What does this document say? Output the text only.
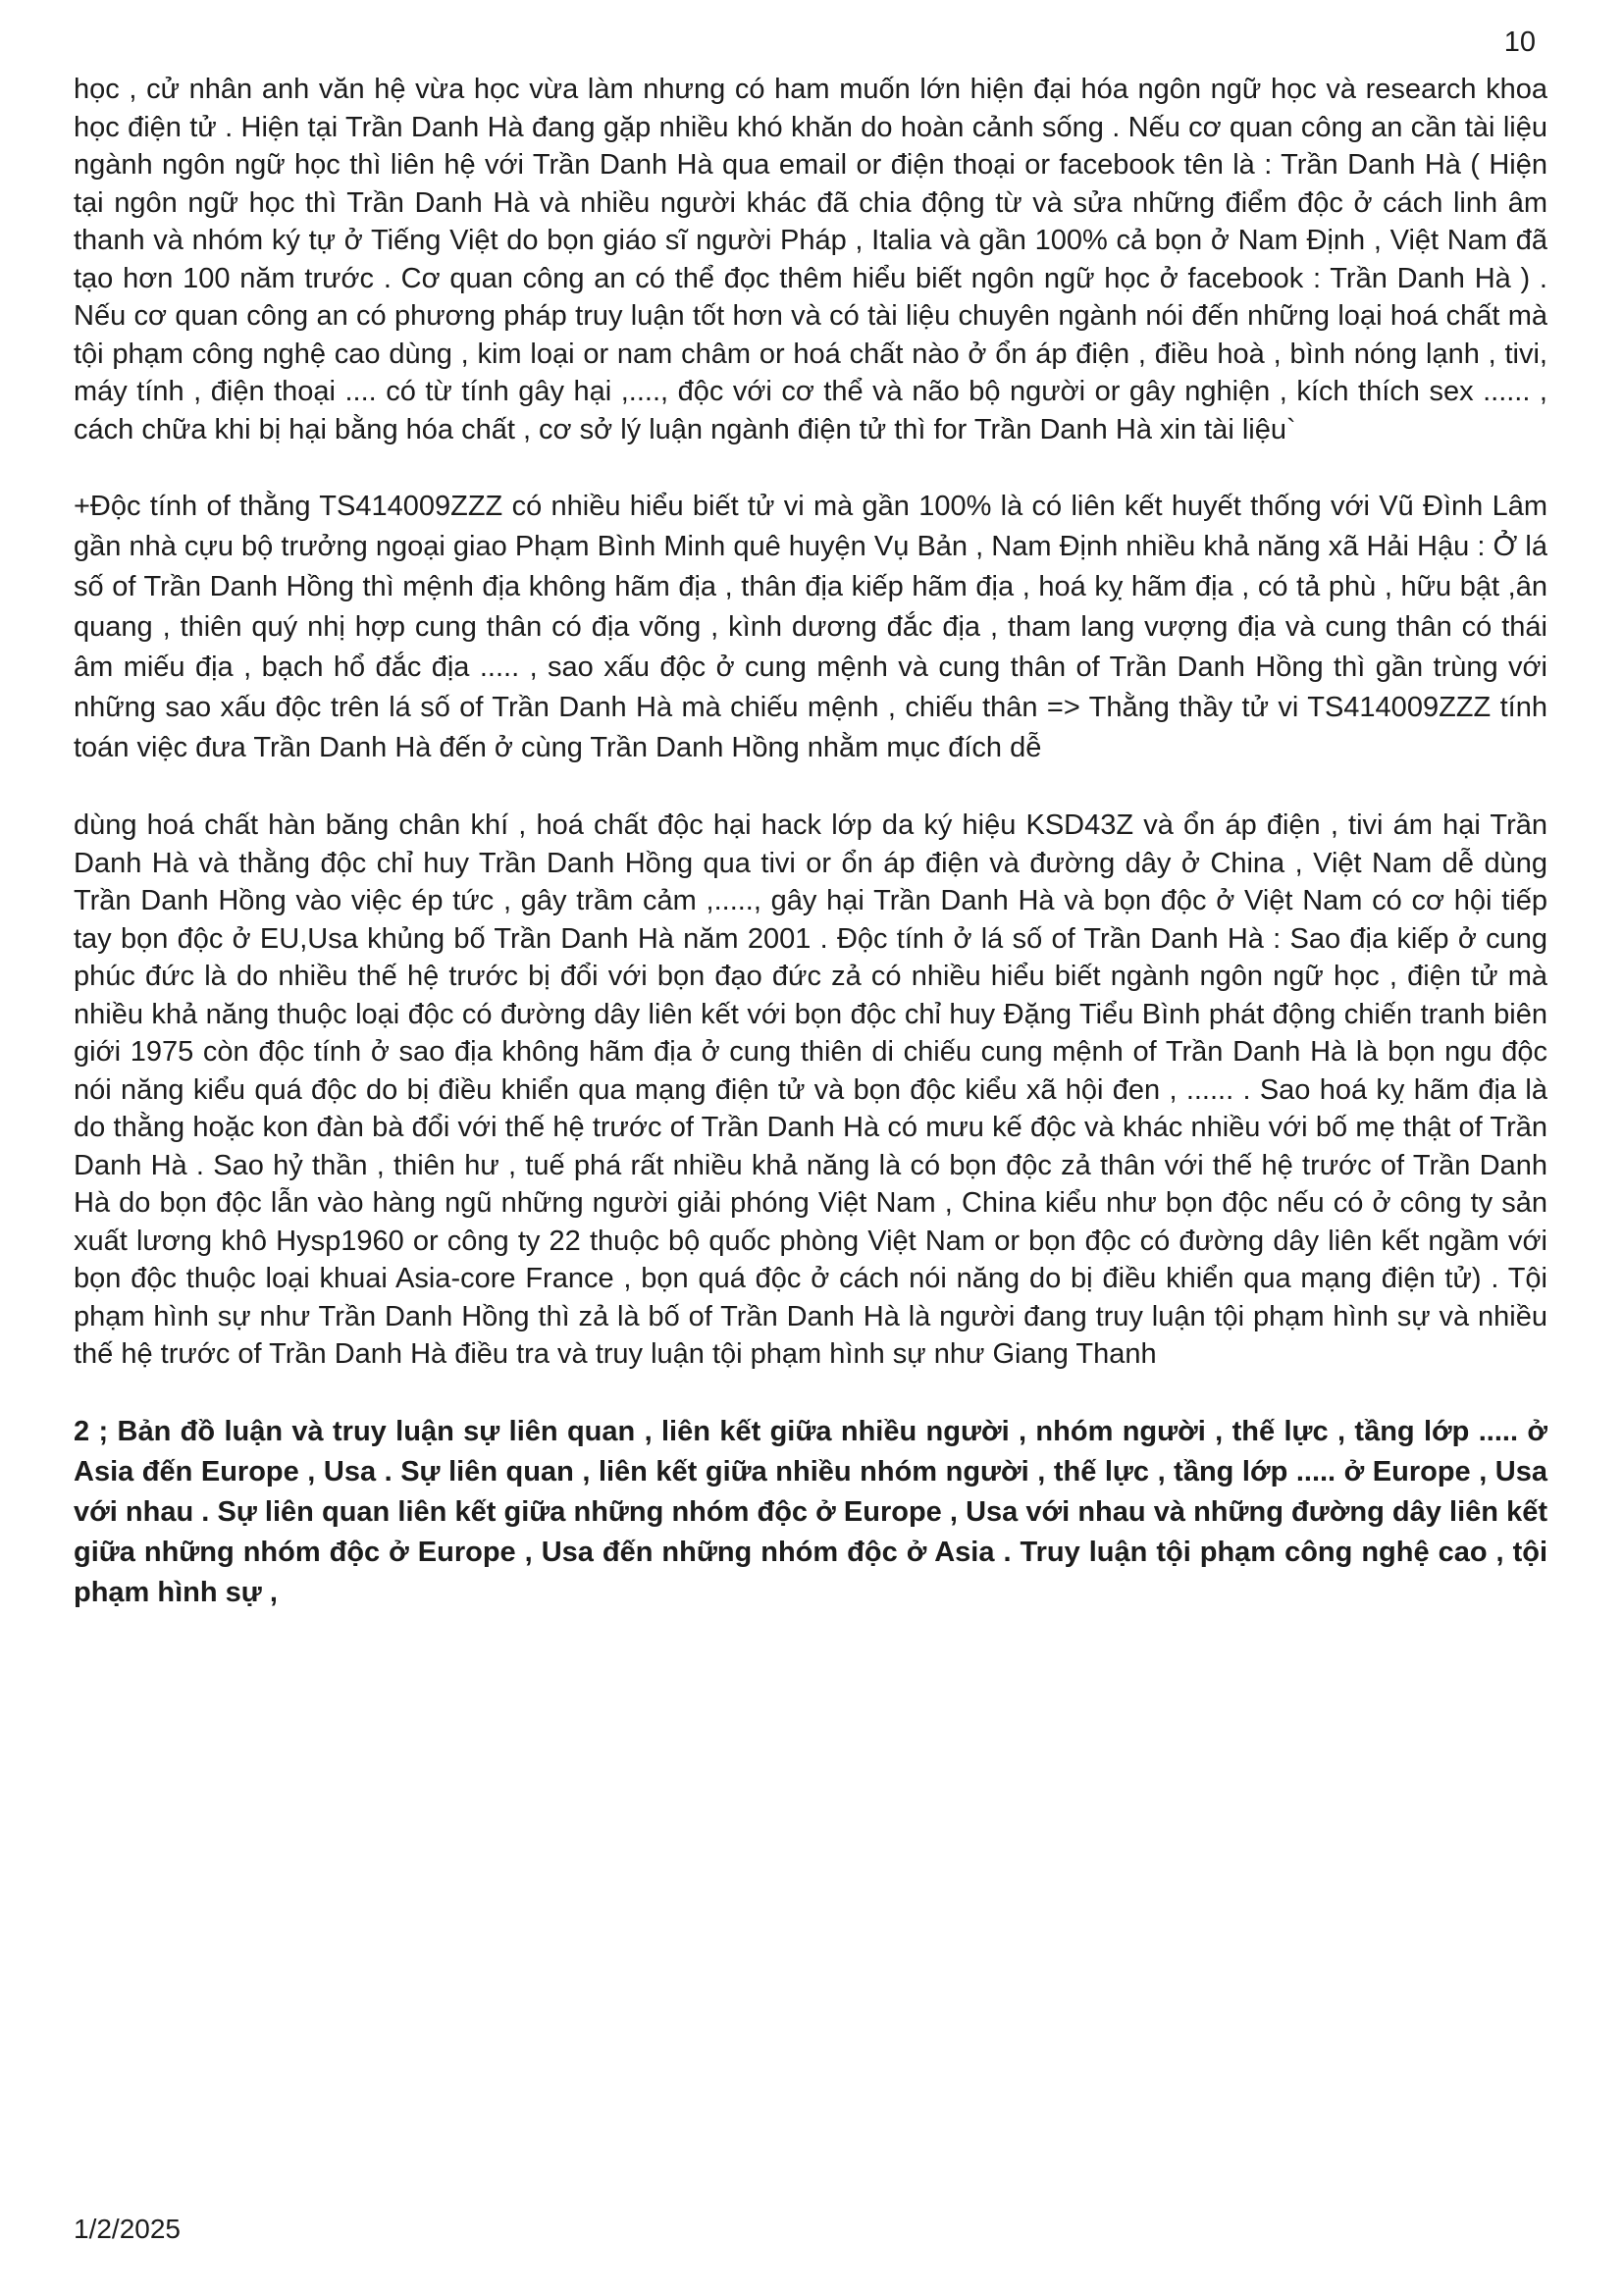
10

học , cử nhân anh văn hệ vừa học vừa làm nhưng có ham muốn lớn hiện đại hóa ngôn ngữ học và research khoa học điện tử . Hiện tại Trần Danh Hà đang gặp nhiều khó khăn do hoàn cảnh sống . Nếu cơ quan công an cần tài liệu ngành ngôn ngữ học thì liên hệ với Trần Danh Hà qua email or điện thoại or facebook tên là : Trần Danh Hà ( Hiện tại ngôn ngữ học thì Trần Danh Hà và nhiều người khác đã chia động từ và sửa những điểm độc ở cách linh âm thanh và nhóm ký tự ở Tiếng Việt do bọn giáo sĩ người Pháp , Italia và gần 100% cả bọn ở Nam Định , Việt Nam đã tạo hơn 100 năm trước . Cơ quan công an có thể đọc thêm hiểu biết ngôn ngữ học ở facebook : Trần Danh Hà ) . Nếu cơ quan công an có phương pháp truy luận tốt hơn và có tài liệu chuyên ngành nói đến những loại hoá chất mà tội phạm công nghệ cao dùng , kim loại or nam châm or hoá chất nào ở ổn áp điện , điều hoà , bình nóng lạnh , tivi, máy tính , điện thoại .... có từ tính gây hại ,...., độc với cơ thể và não bộ người or gây nghiện , kích thích sex ...... , cách chữa khi bị hại bằng hóa chất , cơ sở lý luận ngành điện tử thì for Trần Danh Hà xin tài liệu`

+Độc tính of thằng TS414009ZZZ có nhiều hiểu biết tử vi mà gần 100% là có liên kết huyết thống với Vũ Đình Lâm gần nhà cựu bộ trưởng ngoại giao Phạm Bình Minh quê huyện Vụ Bản , Nam Định nhiều khả năng xã Hải Hậu : Ở lá số of Trần Danh Hồng thì mệnh địa không hãm địa , thân địa kiếp hãm địa , hoá kỵ hãm địa , có tả phù , hữu bật ,ân quang , thiên quý nhị hợp cung thân có địa võng , kình dương đắc địa , tham lang vượng địa và cung thân có thái âm miếu địa , bạch hổ đắc địa ..... , sao xấu độc ở cung mệnh và cung thân of Trần Danh Hồng thì gần trùng với những sao xấu độc trên lá số of Trần Danh Hà mà chiếu mệnh , chiếu thân => Thằng thầy tử vi TS414009ZZZ tính toán việc đưa Trần Danh Hà đến ở cùng Trần Danh Hồng nhằm mục đích dễ

dùng hoá chất hàn băng chân khí , hoá chất độc hại hack lớp da ký hiệu KSD43Z và ổn áp điện , tivi ám hại Trần Danh Hà và thằng độc chỉ huy Trần Danh Hồng qua tivi or ổn áp điện và đường dây ở China , Việt Nam dễ dùng Trần Danh Hồng vào việc ép tức , gây trầm cảm ,....., gây hại Trần Danh Hà và bọn độc ở Việt Nam có cơ hội tiếp tay bọn độc ở EU,Usa khủng bố Trần Danh Hà năm 2001 . Độc tính ở lá số of Trần Danh Hà : Sao địa kiếp ở cung phúc đức là do nhiều thế hệ trước bị đổi với bọn đạo đức zả có nhiều hiểu biết ngành ngôn ngữ học , điện tử mà nhiều khả năng thuộc loại độc có đường dây liên kết với bọn độc chỉ huy Đặng Tiểu Bình phát động chiến tranh biên giới 1975 còn độc tính ở sao địa không hãm địa ở cung thiên di chiếu cung mệnh of Trần Danh Hà là bọn ngu độc nói năng kiểu quá độc do bị điều khiển qua mạng điện tử và bọn độc kiểu xã hội đen , ...... . Sao hoá kỵ hãm địa là do thằng hoặc kon đàn bà đổi với thế hệ trước of Trần Danh Hà có mưu kế độc và khác nhiều với bố mẹ thật of Trần Danh Hà . Sao hỷ thần , thiên hư , tuế phá rất nhiều khả năng là có bọn độc zả thân với thế hệ trước of Trần Danh Hà do bọn độc lẫn vào hàng ngũ những người giải phóng Việt Nam , China kiểu như bọn độc nếu có ở công ty sản xuất lương khô Hysp1960 or công ty 22 thuộc bộ quốc phòng Việt Nam or bọn độc có đường dây liên kết ngầm với bọn độc thuộc loại khuai Asia-core France , bọn quá độc ở cách nói năng do bị điều khiển qua mạng điện tử) . Tội phạm hình sự như Trần Danh Hồng thì zả là bố of Trần Danh Hà là người đang truy luận tội phạm hình sự và nhiều thế hệ trước of Trần Danh Hà điều tra và truy luận tội phạm hình sự như Giang Thanh

2 ; Bản đồ luận và truy luận sự liên quan , liên kết giữa nhiều người , nhóm người , thế lực , tầng lớp ..... ở Asia đến Europe , Usa . Sự liên quan , liên kết giữa nhiều nhóm người , thế lực , tầng lớp ..... ở Europe , Usa với nhau . Sự liên quan liên kết giữa những nhóm độc ở Europe , Usa với nhau và những đường dây liên kết giữa những nhóm độc ở Europe , Usa đến những nhóm độc ở Asia . Truy luận tội phạm công nghệ cao , tội phạm hình sự ,

1/2/2025
